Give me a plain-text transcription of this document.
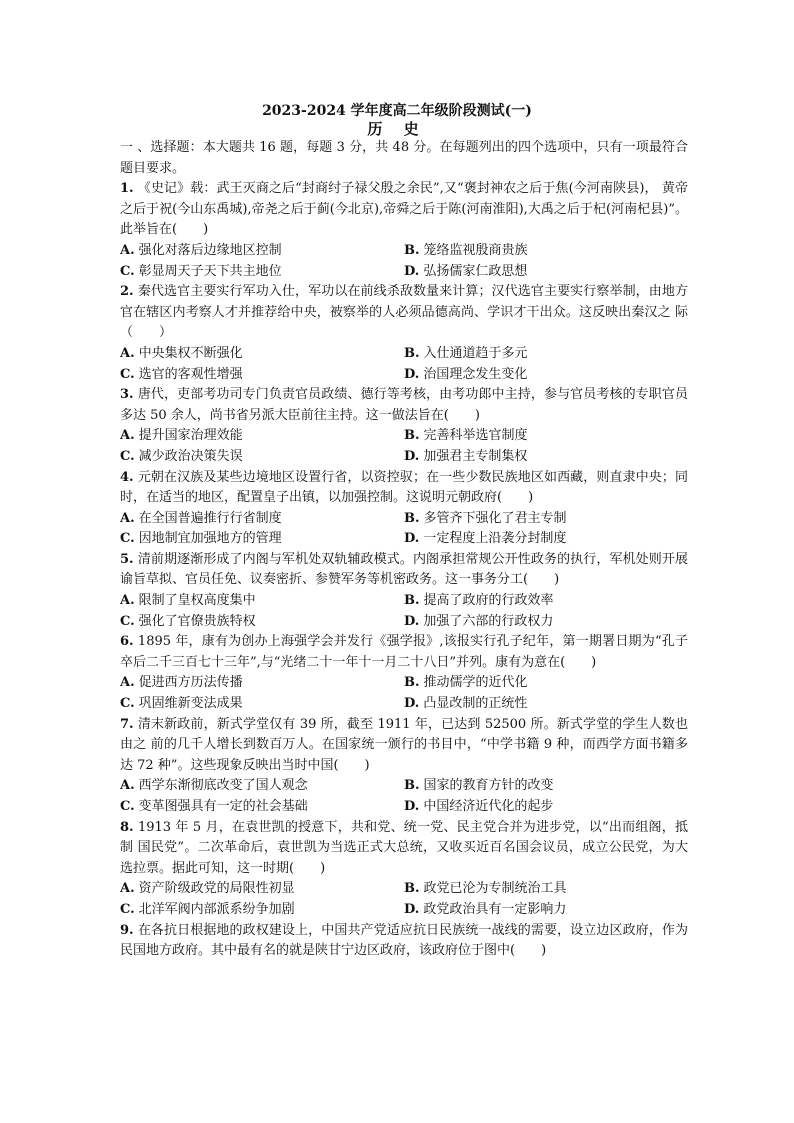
2023-2024 学年度高二年级阶段测试(一)
历 史

一 、选择题：本大题共 16 题，每题 3 分，共 48 分。在每题列出的四个选项中，只有一项最符合题目要求。

1. 《史记》载：武王灭商之后“封商纣子禄父殷之余民”,又“褒封神农之后于焦(今河南陕县)， 黄帝之后于祝(今山东禹城),帝尧之后于蓟(今北京),帝舜之后于陈(河南淮阳),大禹之后于杞(河南杞县)”。此举旨在(　　)

A. 强化对落后边缘地区控制	B. 笼络监视殷商贵族
C. 彰显周天子天下共主地位	D. 弘扬儒家仁政思想

2. 秦代选官主要实行军功入仕，军功以在前线杀敌数量来计算；汉代选官主要实行察举制，由地方 官在辖区内考察人才并推荐给中央，被察举的人必须品德高尚、学识才干出众。这反映出秦汉之 际（　　）

A. 中央集权不断强化	B. 入仕通道趋于多元
C. 选官的客观性增强	D. 治国理念发生变化

3. 唐代，吏部考功司专门负责官员政绩、德行等考核，由考功郎中主持，参与官员考核的专职官员 多达 50 余人，尚书省另派大臣前往主持。这一做法旨在(　　)

A. 提升国家治理效能	B. 完善科举选官制度
C. 减少政治决策失误	D. 加强君主专制集权

4. 元朝在汉族及某些边境地区设置行省，以资控驭；在一些少数民族地区如西藏，则直隶中央；同 时，在适当的地区，配置皇子出镇，以加强控制。这说明元朝政府(　　)

A. 在全国普遍推行行省制度	B. 多管齐下强化了君主专制
C. 因地制宜加强地方的管理	D. 一定程度上沿袭分封制度

5. 清前期逐渐形成了内阁与军机处双轨辅政模式。内阁承担常规公开性政务的执行，军机处则开展 谕旨草拟、官员任免、议奏密折、参赞军务等机密政务。这一事务分工(　　)

A. 限制了皇权高度集中	B. 提高了政府的行政效率
C. 强化了官僚贵族特权	D. 加强了六部的行政权力

6. 1895 年，康有为创办上海强学会并发行《强学报》,该报实行孔子纪年，第一期署日期为“孔子 卒后二千三百七十三年”,与“光绪二十一年十一月二十八日”并列。康有为意在(　　)

A. 促进西方历法传播	B. 推动儒学的近代化
C. 巩固维新变法成果	D. 凸显改制的正统性

7. 清末新政前，新式学堂仅有 39 所，截至 1911 年，已达到 52500 所。新式学堂的学生人数也由之 前的几千人增长到数百万人。在国家统一颁行的书目中，“中学书籍 9 种，而西学方面书籍多达 72 种”。这些现象反映出当时中国(　　)

A. 西学东渐彻底改变了国人观念	B. 国家的教育方针的改变
C. 变革图强具有一定的社会基础	D. 中国经济近代化的起步

8. 1913 年 5 月，在袁世凯的授意下，共和党、统一党、民主党合并为进步党，以“出而组阁，抵制 国民党”。二次革命后，袁世凯为当选正式大总统，又收买近百名国会议员，成立公民党，为大 选拉票。据此可知，这一时期(　　)

A. 资产阶级政党的局限性初显	B. 政党已沦为专制统治工具
C. 北洋军阀内部派系纷争加剧	D. 政党政治具有一定影响力

9. 在各抗日根据地的政权建设上，中国共产党适应抗日民族统一战线的需要，设立边区政府，作为民国地方政府。其中最有名的就是陕甘宁边区政府，该政府位于图中(　　)
